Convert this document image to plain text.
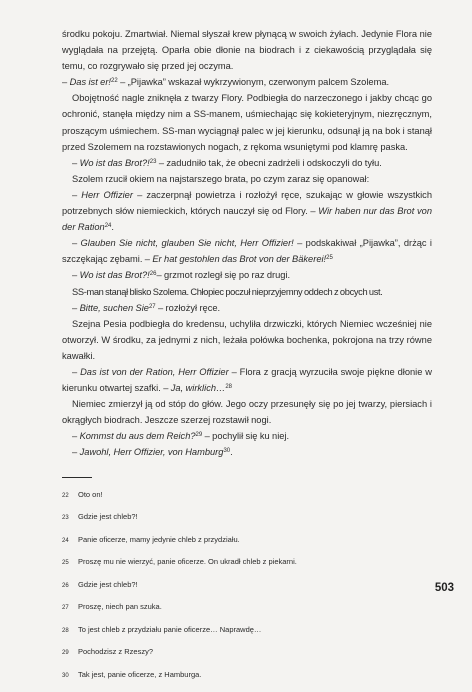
środku pokoju. Zmartwiał. Niemal słyszał krew płynącą w swoich żyłach. Jedynie Flora nie wyglądała na przejętą. Oparła obie dłonie na biodrach i z ciekawością przyglądała się temu, co rozgrywało się przed jej oczyma.

– Das ist er!$^{22}$ – „Pijawka” wskazał wykrzywionym, czerwonym palcem Szolema.

Obojętność nagle zniknęła z twarzy Flory. Podbiegła do narzeczonego i jakby chcąc go ochronić, stanęła między nim a SS-manem, uśmiechając się kokieteryjnym, niezręcznym, proszącym uśmiechem. SS-man wyciągnął palec w jej kierunku, odsunął ją na bok i stanął przed Szolemem na rozstawionych nogach, z rękoma wsuniętymi pod klamrę paska.

– Wo ist das Brot?!$^{23}$ – zadudniło tak, że obecni zadrżeli i odskoczyli do tyłu.

Szolem rzucił okiem na najstarszego brata, po czym zaraz się opanował:

– Herr Offizier – zaczerpnął powietrza i rozłożył ręce, szukając w głowie wszystkich potrzebnych słów niemieckich, których nauczył się od Flory. – Wir haben nur das Brot von der Ration$^{24}$.

– Glauben Sie nicht, glauben Sie nicht, Herr Offizier! – podskakiwał „Pijawka”, drżąc i szczękając zębami. – Er hat gestohlen das Brot von der Bäkerei!$^{25}$

– Wo ist das Brot?!$^{26}$– grzmot rozległ się po raz drugi.

SS-man stanął blisko Szolema. Chłopiec poczuł nieprzyjemny oddech z obcych ust.

– Bitte, suchen Sie$^{27}$ – rozłożył ręce.

Szejna Pesia podbiegła do kredensu, uchyliła drzwiczki, których Niemiec wcześniej nie otworzył. W środku, za jednymi z nich, leżała połówka bochenka, pokrojona na trzy równe kawałki.

– Das ist von der Ration, Herr Offizier – Flora z gracją wyrzuciła swoje piękne dłonie w kierunku otwartej szafki. – Ja, wirklich…$^{28}$

Niemiec zmierzył ją od stóp do głów. Jego oczy przesunęły się po jej twarzy, piersiach i okrągłych biodrach. Jeszcze szerzej rozstawił nogi.

– Kommst du aus dem Reich?$^{29}$ – pochylił się ku niej.

– Jawohl, Herr Offizier, von Hamburg$^{30}$.

22	Oto on!
23	Gdzie jest chleb?!
24	Panie oficerze, mamy jedynie chleb z przydziału.
25	Proszę mu nie wierzyć, panie oficerze. On ukradł chleb z piekarni.
26	Gdzie jest chleb?!
27	Proszę, niech pan szuka.
28	To jest chleb z przydziału panie oficerze… Naprawdę…
29	Pochodzisz z Rzeszy?
30	Tak jest, panie oficerze, z Hamburga.
503
